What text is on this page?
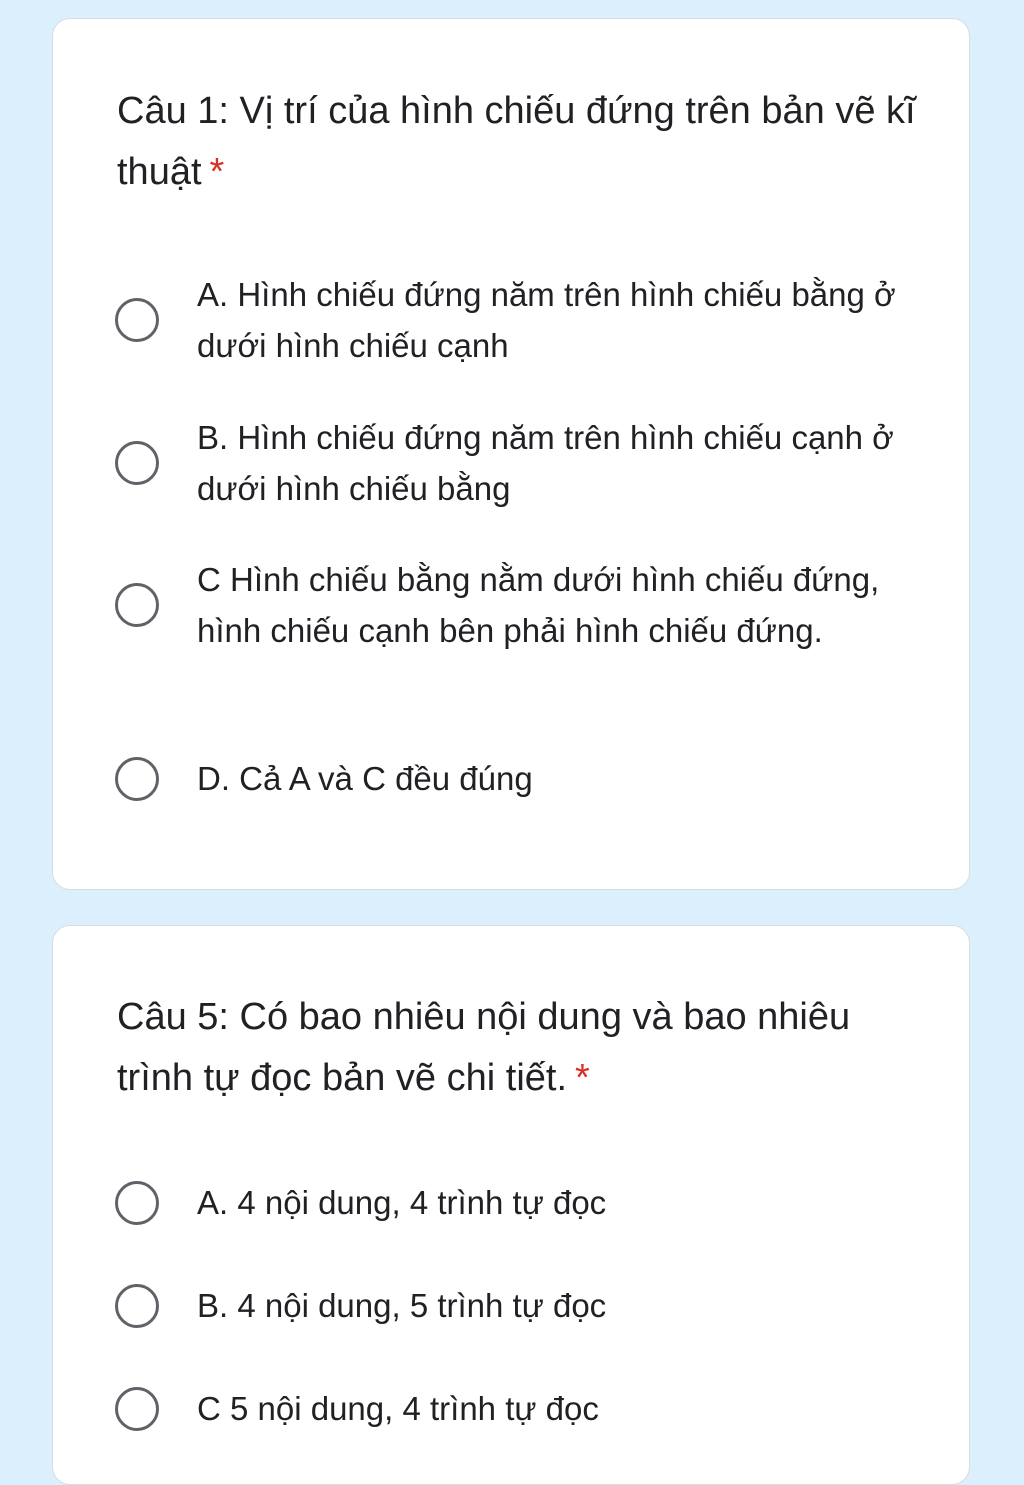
Câu 1: Vị trí của hình chiếu đứng trên bản vẽ kĩ thuật *
A. Hình chiếu đứng năm trên hình chiếu bằng ở dưới hình chiếu cạnh
B. Hình chiếu đứng năm trên hình chiếu cạnh ở dưới hình chiếu bằng
C Hình chiếu bằng nằm dưới hình chiếu đứng, hình chiếu cạnh bên phải hình chiếu đứng.
D. Cả A và C đều đúng
Câu 5: Có bao nhiêu nội dung và bao nhiêu trình tự đọc bản vẽ chi tiết. *
A. 4 nội dung, 4 trình tự đọc
B. 4 nội dung, 5 trình tự đọc
C 5 nội dung, 4 trình tự đọc
